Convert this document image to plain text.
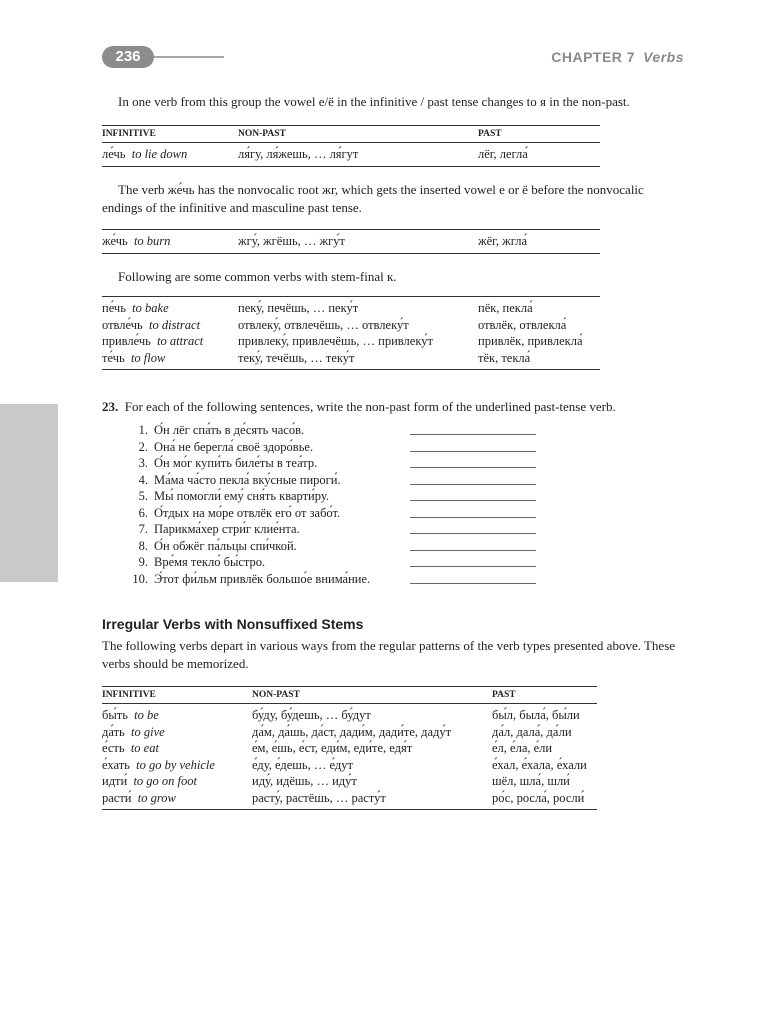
236	CHAPTER 7 Verbs

In one verb from this group the vowel е/ё in the infinitive / past tense changes to я in the non-past.

INFINITIVE	NON-PAST	PAST
ле́чь to lie down	ля́гу, ля́жешь, … ля́гут	лёг, легла́

The verb же́чь has the nonvocalic root жг, which gets the inserted vowel е or ё before the nonvocalic endings of the infinitive and masculine past tense.

же́чь to burn	жгу́, жгёшь, … жгу́т	жёг, жгла́

Following are some common verbs with stem-final к.

пе́чь to bake	пеку́, печёшь, … пеку́т	пёк, пекла́
отвле́чь to distract	отвлеку́, отвлечёшь, … отвлеку́т	отвлёк, отвлекла́
привле́чь to attract	привлеку́, привлечёшь, … привлеку́т	привлёк, привлекла́
те́чь to flow	теку́, течёшь, … теку́т	тёк, текла́
23. For each of the following sentences, write the non-past form of the underlined past-tense verb.
1. О́н лёг спа́ть в де́сять часо́в.
2. Она́ не берегла́ своё здоро́вье.
3. О́н мо́г купи́ть биле́ты в теа́тр.
4. Ма́ма ча́сто пекла́ вку́сные пироги́.
5. Мы́ помогли́ ему́ сня́ть кварти́ру.
6. О́тдых на мо́ре отвлёк его́ от забо́т.
7. Парикма́хер стри́г клие́нта.
8. О́н обжёг па́льцы спи́чкой.
9. Вре́мя текло́ бы́стро.
10. Э́тот фи́льм привлёк большо́е внима́ние.
Irregular Verbs with Nonsuffixed Stems

The following verbs depart in various ways from the regular patterns of the verb types presented above. These verbs should be memorized.

INFINITIVE	NON-PAST	PAST
бы́ть to be	бу́ду, бу́дешь, … бу́дут	бы́л, была́, бы́ли
да́ть to give	да́м, да́шь, да́ст, дади́м, дади́те, даду́т	да́л, дала́, да́ли
е́сть to eat	е́м, е́шь, е́ст, еди́м, еди́те, едя́т	е́л, е́ла, е́ли
е́хать to go by vehicle	е́ду, е́дешь, … е́дут	е́хал, е́хала, е́хали
идти́ to go on foot	иду́, идёшь, … иду́т	шёл, шла́, шли́
расти́ to grow	расту́, растёшь, … расту́т	ро́с, росла́, росли́
